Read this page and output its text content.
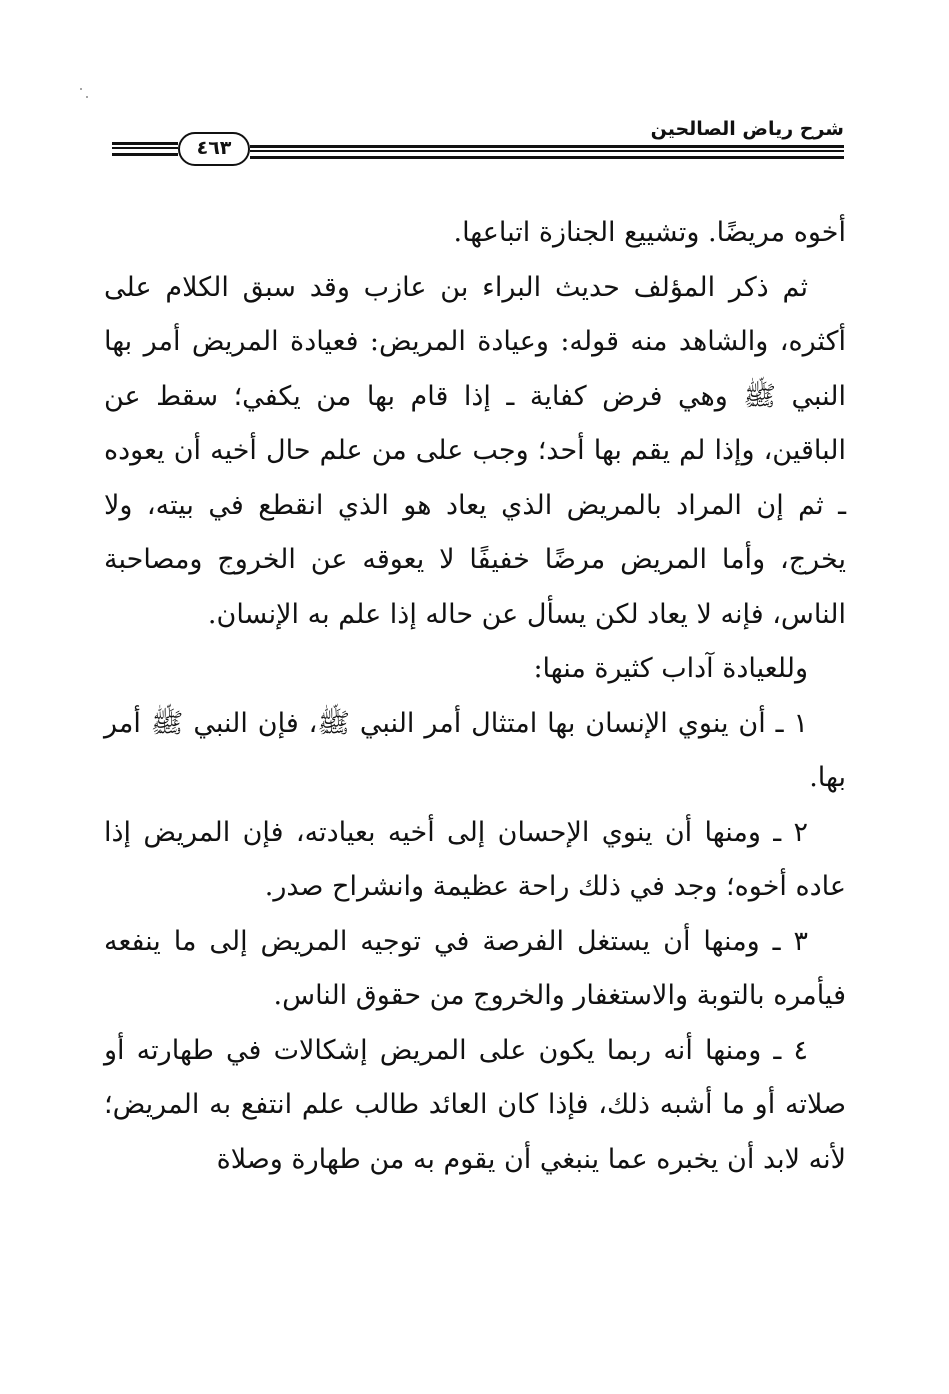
٤٦٣
شرح رياض الصالحين

أخوه مريضًا. وتشييع الجنازة اتباعها.

ثم ذكر المؤلف حديث البراء بن عازب وقد سبق الكلام على أكثره، والشاهد منه قوله: وعيادة المريض: فعيادة المريض أمر بها النبي ﷺ وهي فرض كفاية ـ إذا قام بها من يكفي؛ سقط عن الباقين، وإذا لم يقم بها أحد؛ وجب على من علم حال أخيه أن يعوده ـ ثم إن المراد بالمريض الذي يعاد هو الذي انقطع في بيته، ولا يخرج، وأما المريض مرضًا خفيفًا لا يعوقه عن الخروج ومصاحبة الناس، فإنه لا يعاد لكن يسأل عن حاله إذا علم به الإنسان.

وللعيادة آداب كثيرة منها:

١ ـ أن ينوي الإنسان بها امتثال أمر النبي ﷺ، فإن النبي ﷺ أمر بها.

٢ ـ ومنها أن ينوي الإحسان إلى أخيه بعيادته، فإن المريض إذا عاده أخوه؛ وجد في ذلك راحة عظيمة وانشراح صدر.

٣ ـ ومنها أن يستغل الفرصة في توجيه المريض إلى ما ينفعه فيأمره بالتوبة والاستغفار والخروج من حقوق الناس.

٤ ـ ومنها أنه ربما يكون على المريض إشكالات في طهارته أو صلاته أو ما أشبه ذلك، فإذا كان العائد طالب علم انتفع به المريض؛ لأنه لابد أن يخبره عما ينبغي أن يقوم به من طهارة وصلاة
